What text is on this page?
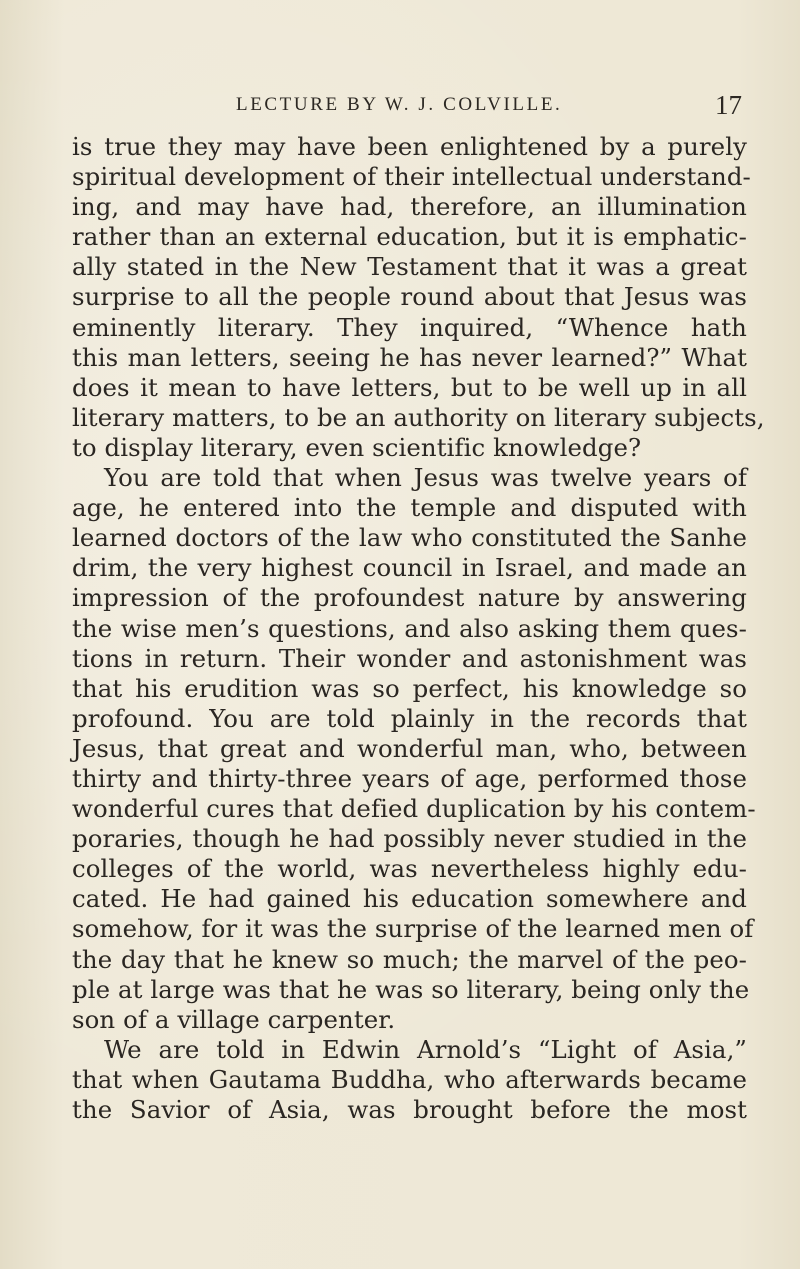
LECTURE BY W. J. COLVILLE.	17
is true they may have been enlightened by a purely
spiritual development of their intellectual understand-
ing, and may have had, therefore, an illumination
rather than an external education, but it is emphatic-
ally stated in the New Testament that it was a great
surprise to all the people round about that Jesus was
eminently literary. They inquired, “Whence hath
this man letters, seeing he has never learned?” What
does it mean to have letters, but to be well up in all
literary matters, to be an authority on literary subjects,
to display literary, even scientific knowledge?
You are told that when Jesus was twelve years of
age, he entered into the temple and disputed with
learned doctors of the law who constituted the Sanhe
drim, the very highest council in Israel, and made an
impression of the profoundest nature by answering
the wise men’s questions, and also asking them ques-
tions in return. Their wonder and astonishment was
that his erudition was so perfect, his knowledge so
profound. You are told plainly in the records that
Jesus, that great and wonderful man, who, between
thirty and thirty-three years of age, performed those
wonderful cures that defied duplication by his contem-
poraries, though he had possibly never studied in the
colleges of the world, was nevertheless highly edu-
cated. He had gained his education somewhere and
somehow, for it was the surprise of the learned men of
the day that he knew so much; the marvel of the peo-
ple at large was that he was so literary, being only the
son of a village carpenter.
We are told in Edwin Arnold’s “Light of Asia,”
that when Gautama Buddha, who afterwards became
the Savior of Asia, was brought before the most
